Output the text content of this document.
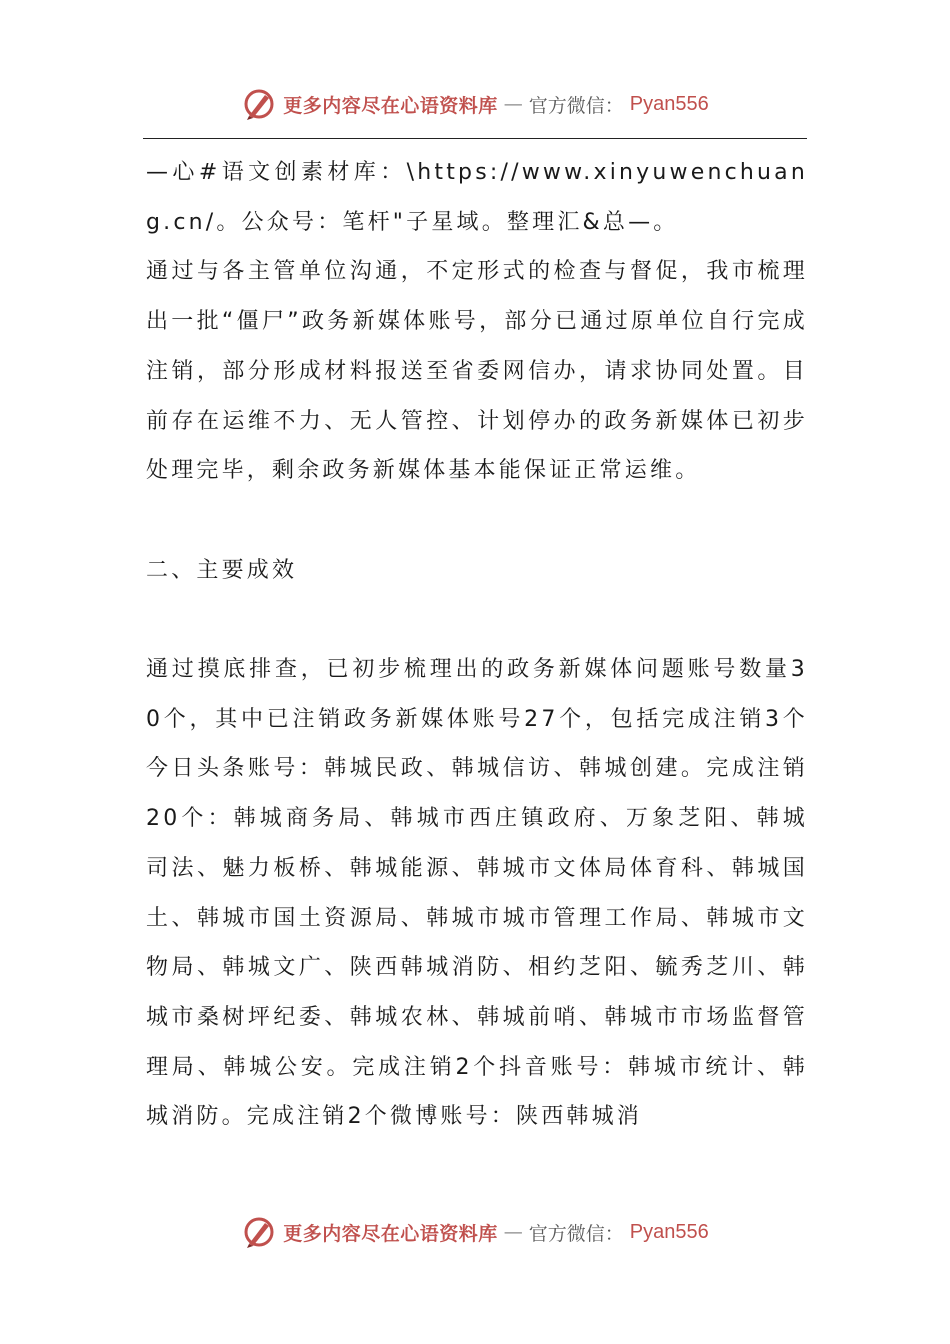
更多内容尽在心语资料库 — 官方微信： Pyan556

—心#语文创素材库：\https://www.xinyuwenchuang.cn/。公众号：笔杆"子星域。整理汇&总—。

通过与各主管单位沟通，不定形式的检查与督促，我市梳理出一批“僵尸”政务新媒体账号，部分已通过原单位自行完成注销，部分形成材料报送至省委网信办，请求协同处置。目前存在运维不力、无人管控、计划停办的政务新媒体已初步处理完毕，剩余政务新媒体基本能保证正常运维。

二、主要成效

通过摸底排查，已初步梳理出的政务新媒体问题账号数量30个，其中已注销政务新媒体账号27个，包括完成注销3个今日头条账号：韩城民政、韩城信访、韩城创建。完成注销20个：韩城商务局、韩城市西庄镇政府、万象芝阳、韩城司法、魅力板桥、韩城能源、韩城市文体局体育科、韩城国土、韩城市国土资源局、韩城市城市管理工作局、韩城市文物局、韩城文广、陕西韩城消防、相约芝阳、毓秀芝川、韩城市桑树坪纪委、韩城农林、韩城前哨、韩城市市场监督管理局、韩城公安。完成注销2个抖音账号：韩城市统计、韩城消防。完成注销2个微博账号：陕西韩城消

更多内容尽在心语资料库 — 官方微信： Pyan556
